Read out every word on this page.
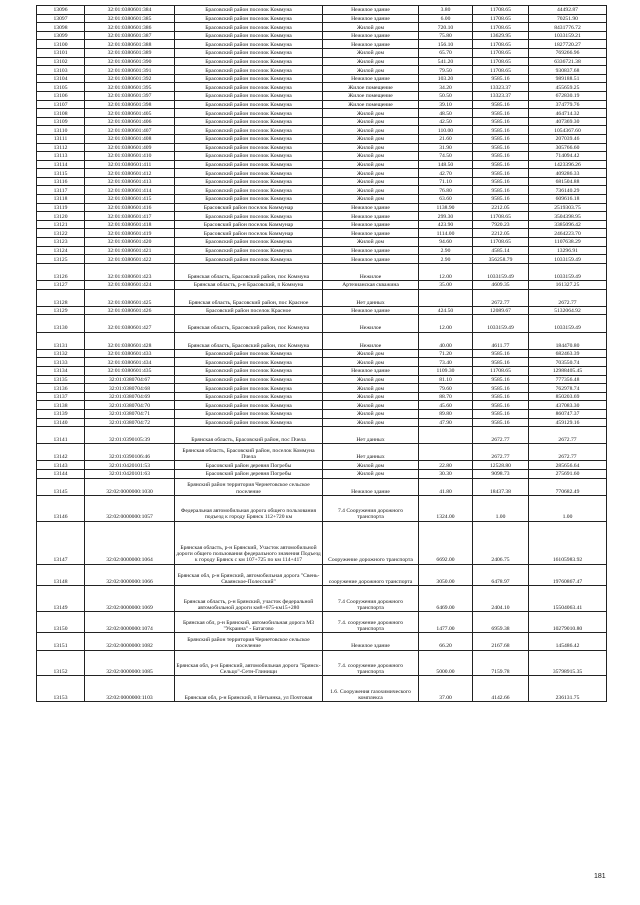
13096	32:01:0380601:384	Брасовский район поселок Коммуна	Нежилое здание	3.80	11708.65	44492.87
13097	32:01:0380601:385	Брасовский район поселок Коммуна	Нежилое здание	6.00	11708.65	70251.90
13098	32:01:0380601:386	Брасовский район поселок Коммуна	Жилой дом	720.10	11708.65	8431776.72
13099	32:01:0380601:387	Брасовский район поселок Коммуна	Нежилое здание	75.80	13629.95	1033159.21
13100	32:01:0380601:388	Брасовский район поселок Коммуна	Нежилое здание	156.10	11708.65	1827720.27
13101	32:01:0380601:389	Брасовский район поселок Коммуна	Жилой дом	65.70	11708.65	769266.96
13102	32:01:0380601:390	Брасовский район поселок Коммуна	Жилой дом	541.20	11708.65	6336721.38
13103	32:01:0380601:391	Брасовский район поселок Коммуна	Жилой дом	79.50	11708.65	930837.68
13104	32:01:0380601:392	Брасовский район поселок Коммуна	Нежилое здание	103.20	9585.16	989188.51
13105	32:01:0380601:395	Брасовский район поселок Коммуна	Жилое помещение	34.20	13323.37	455659.25
13106	32:01:0380601:397	Брасовский район поселок Коммуна	Жилое помещение	50.50	13323.37	672830.19
13107	32:01:0380601:398	Брасовский район поселок Коммуна	Жилое помещение	39.10	9585.16	374779.76
13108	32:01:0380601:405	Брасовский район поселок Коммуна	Жилой дом	48.50	9585.16	464714.32
13109	32:01:0380601:406	Брасовский район поселок Коммуна	Жилой дом	42.50	9585.16	407369.30
13110	32:01:0380601:407	Брасовский район поселок Коммуна	Жилой дом	110.00	9585.16	1054367.60
13111	32:01:0380601:408	Брасовский район поселок Коммуна	Жилой дом	21.60	9585.16	207039.46
13112	32:01:0380601:409	Брасовский район поселок Коммуна	Жилой дом	31.90	9585.16	305766.60
13113	32:01:0380601:410	Брасовский район поселок Коммуна	Жилой дом	74.50	9585.16	714094.42
13114	32:01:0380601:411	Брасовский район поселок Коммуна	Жилой дом	148.50	9585.16	1423396.26
13115	32:01:0380601:412	Брасовский район поселок Коммуна	Жилой дом	42.70	9585.16	409286.33
13116	32:01:0380601:413	Брасовский район поселок Коммуна	Жилой дом	71.10	9585.16	681504.88
13117	32:01:0380601:414	Брасовский район поселок Коммуна	Жилой дом	76.80	9585.16	736140.29
13118	32:01:0380601:415	Брасовский район поселок Коммуна	Жилой дом	63.60	9585.16	609616.18
13119	32:01:0380601:416	Брасовский район поселок Коммунар	Нежилое здание	1138.90	2212.05	2519303.75
13120	32:01:0380601:417	Брасовский район поселок Коммуна	Нежилое здание	299.30	11708.65	3504398.95
13121	32:01:0380601:418	Брасовский район поселок Коммунар	Нежилое здание	423.90	7920.23	3385096.42
13122	32:01:0380601:419	Брасовский район поселок Коммунар	Нежилое здание	1114.00	2212.05	2464223.70
13123	32:01:0380601:420	Брасовский район поселок Коммуна	Жилой дом	94.60	11708.65	1107638.29
13124	32:01:0380601:421	Брасовский район поселок Коммуна	Нежилое здание	2.90	4585.14	13296.91
13125	32:01:0380601:422	Брасовский район поселок Коммуна	Нежилое здание	2.90	356258.79	1033159.49
13126	32:01:0380601:423	Брянская область, Брасовский район, пос Коммуна	Нежилое	12.00	1033159.49	1033159.49
13127	32:01:0380601:424	Брянская область, р-н Брасовский, п Коммуна	Артезианская скважина	35.00	4609.35	161327.25
13128	32:01:0380601:425	Брянская область, Брасовский район, пос Красное	Нет данных		2672.77	2672.77
13129	32:01:0380601:426	Брасовский район поселок Красное	Нежилое здание	424.50	12089.67	5132064.92
13130	32:01:0380601:427	Брянская область, Брасовский район, пос Коммуна	Нежилое	12.00	1033159.49	1033159.49
13131	32:01:0380601:428	Брянская область, Брасовский район, пос Коммуна	Нежилое	40.00	4611.77	184470.80
13132	32:01:0380601:433	Брасовский район поселок Коммуна	Жилой дом	71.20	9585.16	682463.39
13133	32:01:0380601:434	Брасовский район поселок Коммуна	Жилой дом	73.40	9585.16	703550.74
13134	32:01:0380601:435	Брасовский район поселок Коммуна	Нежилое здание	1109.30	11708.65	12988405.45
13135	32:01:0380704:67	Брасовский район поселок Коммуна	Жилой дом	81.10	9585.16	777356.48
13136	32:01:0380704:68	Брасовский район поселок Коммуна	Жилой дом	79.60	9585.16	762978.74
13137	32:01:0380704:69	Брасовский район поселок Коммуна	Жилой дом	88.70	9585.16	850203.69
13138	32:01:0380704:70	Брасовский район поселок Коммуна	Жилой дом	45.60	9585.16	437083.30
13139	32:01:0380704:71	Брасовский район поселок Коммуна	Жилой дом	89.80	9585.16	860747.37
13140	32:01:0380704:72	Брасовский район поселок Коммуна	Жилой дом	47.90	9585.16	459129.16
13141	32:01:0390105:39	Брянская область, Брасовский район, пос Пчела	Нет данных		2672.77	2672.77
13142	32:01:0390106:46	Брянская область, Брасовский район, поселок Коммуна Пчела	Нет данных		2672.77	2672.77
13143	32:01:0420101:53	Брасовский район деревня Погребы	Жилой дом	22.80	12528.80	285656.64
13144	32:01:0420101:63	Брасовский район деревня Погребы	Жилой дом	30.30	9098.73	275691.60
13145	32:02:0000000:1030	Брянский район территория Чернетовское сельское поселение	Нежилое здание	41.80	18437.38	770682.49
13146	32:02:0000000:1057	Федеральная автомобильная дорога общего пользования подъезд к городу Брянск 112+720 км	7.4 Сооружения дорожного транспорта	1324.00	1.00	1.00
13147	32:02:0000000:1064	Брянская область, р-н Брянский, Участок автомобильной дороги общего пользования федерального значения Подъезд к городу Брянск с км 107+725 по км 114+417	Сооружение дорожного транспорта	6692.00	2406.75	16105983.92
13148	32:02:0000000:1066	Брянская обл, р-н Брянский, автомобильная дорога "Свень-Сваянское-Полесский"	сооружение дорожного транспорта	3050.00	6478.97	19760867.47
13149	32:02:0000000:1069	Брянская область, р-н Брянский, участок федеральной автомобильной дороги км8+675-км15+280	7.4 Сооружения дорожного транспорта	6469.00	2404.10	15504063.41
13150	32:02:0000000:1074	Брянская обл, р-н Брянский, автомобильная дорога М3 "Украина" - Батагово	7.4. сооружение дорожного транспорта	1477.00	6959.38	10279010.80
13151	32:02:0000000:1082	Брянский район территория Чернетовское сельское поселение	Нежилое здание	66.20	2167.68	145486.42
13152	32:02:0000000:1085	Брянская обл, р-н Брянский, автомобильная дорога "Брянск-Сельцо"-Сетн-Глинищи	7.4. сооружение дорожного транспорта	5000.00	7159.78	35798915.35
13153	32:02:0000000:1103	Брянская обл, р-н Брянский, п Нетьинка, ул Почтовая	1.6. Сооружения газохимического комплекса	37.00	4142.66	236131.75
181
